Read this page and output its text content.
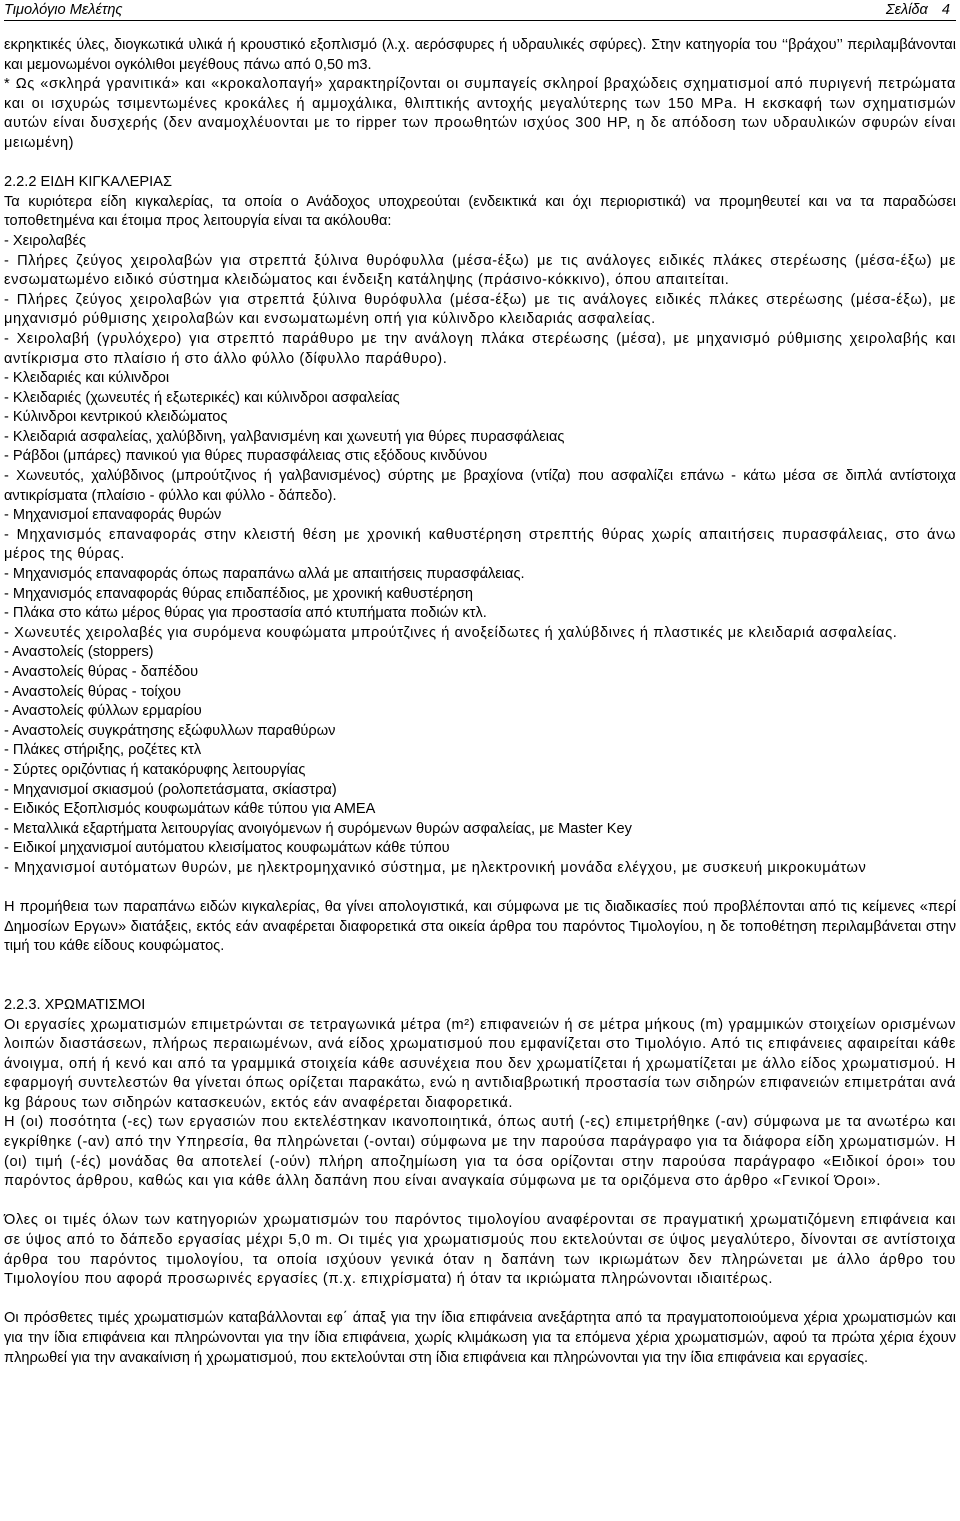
Τιμολόγιο Μελέτης	Σελίδα 4

εκρηκτικές ύλες, διογκωτικά υλικά ή κρουστικό εξοπλισμό (λ.χ. αερόσφυρες ή υδραυλικές σφύρες). Στην κατηγορία του ‘‘βράχου’’ περιλαμβάνονται και μεμονωμένοι ογκόλιθοι μεγέθους πάνω από 0,50 m3.

* Ως «σκληρά γρανιτικά» και «κροκαλοπαγή» χαρακτηρίζονται οι συμπαγείς σκληροί βραχώδεις σχηματισμοί από πυριγενή πετρώματα και οι ισχυρώς τσιμεντωμένες κροκάλες ή αμμοχάλικα, θλιπτικής αντοχής μεγαλύτερης των 150 MPa. Η εκσκαφή των σχηματισμών αυτών είναι δυσχερής (δεν αναμοχλέυονται με το ripper των προωθητών ισχύος 300 HP, η δε απόδοση των υδραυλικών σφυρών είναι μειωμένη)

2.2.2 ΕΙΔΗ ΚΙΓΚΑΛΕΡΙΑΣ

Τα κυριότερα είδη κιγκαλερίας, τα οποία ο Ανάδοχος υποχρεούται (ενδεικτικά και όχι περιοριστικά) να προμηθευτεί και να τα παραδώσει τοποθετημένα και έτοιμα προς λειτουργία είναι τα ακόλουθα:

- Χειρολαβές

- Πλήρες ζεύγος χειρολαβών για στρεπτά ξύλινα θυρόφυλλα (μέσα-έξω) με τις ανάλογες ειδικές πλάκες στερέωσης (μέσα-έξω) με ενσωματωμένο ειδικό σύστημα κλειδώματος και ένδειξη κατάληψης (πράσινο-κόκκινο), όπου απαιτείται.

- Πλήρες ζεύγος χειρολαβών για στρεπτά ξύλινα θυρόφυλλα (μέσα-έξω) με τις ανάλογες ειδικές πλάκες στερέωσης (μέσα-έξω), με μηχανισμό ρύθμισης χειρολαβών και ενσωματωμένη οπή για κύλινδρο κλειδαριάς ασφαλείας.

- Χειρολαβή (γρυλόχερο) για στρεπτό παράθυρο με την ανάλογη πλάκα στερέωσης (μέσα), με μηχανισμό ρύθμισης χειρολαβής και αντίκρισμα στο πλαίσιο ή στο άλλο φύλλο (δίφυλλο παράθυρο).

- Κλειδαριές και κύλινδροι

- Κλειδαριές (χωνευτές ή εξωτερικές) και κύλινδροι ασφαλείας

- Κύλινδροι κεντρικού κλειδώματος

- Κλειδαριά ασφαλείας, χαλύβδινη, γαλβανισμένη και χωνευτή για θύρες πυρασφάλειας

- Ράβδοι (μπάρες) πανικού για θύρες πυρασφάλειας στις εξόδους κινδύνου

- Χωνευτός, χαλύβδινος (μπρούτζινος ή γαλβανισμένος) σύρτης με βραχίονα (ντίζα) που ασφαλίζει επάνω - κάτω μέσα σε διπλά αντίστοιχα αντικρίσματα (πλαίσιο - φύλλο και φύλλο - δάπεδο).

- Μηχανισμοί επαναφοράς θυρών

- Μηχανισμός επαναφοράς στην κλειστή θέση με χρονική καθυστέρηση στρεπτής θύρας χωρίς απαιτήσεις πυρασφάλειας, στο άνω μέρος της θύρας.

- Μηχανισμός επαναφοράς όπως παραπάνω αλλά με απαιτήσεις πυρασφάλειας.

- Μηχανισμός επαναφοράς θύρας επιδαπέδιος, με χρονική καθυστέρηση

- Πλάκα στο κάτω μέρος θύρας για προστασία από κτυπήματα ποδιών κτλ.

- Χωνευτές χειρολαβές για συρόμενα κουφώματα μπρούτζινες ή ανοξείδωτες ή χαλύβδινες ή πλαστικές με κλειδαριά ασφαλείας.

- Αναστολείς (stoppers)

- Αναστολείς θύρας - δαπέδου

- Αναστολείς θύρας - τοίχου

- Αναστολείς φύλλων ερμαρίου

- Αναστολείς συγκράτησης εξώφυλλων παραθύρων

- Πλάκες στήριξης, ροζέτες κτλ

- Σύρτες οριζόντιας ή κατακόρυφης λειτουργίας

- Μηχανισμοί σκιασμού (ρολοπετάσματα, σκίαστρα)

- Ειδικός Εξοπλισμός κουφωμάτων κάθε τύπου για ΑΜΕΑ

- Μεταλλικά εξαρτήματα λειτουργίας ανοιγόμενων ή συρόμενων θυρών ασφαλείας, με Master Key

- Ειδικοί μηχανισμοί αυτόματου κλεισίματος κουφωμάτων κάθε τύπου

- Μηχανισμοί αυτόματων θυρών, με ηλεκτρομηχανικό σύστημα, με ηλεκτρονική μονάδα ελέγχου, με συσκευή μικροκυμάτων

Η προμήθεια των παραπάνω ειδών κιγκαλερίας, θα γίνει απολογιστικά, και σύμφωνα με τις διαδικασίες πού προβλέπονται από τις κείμενες «περί Δημοσίων Εργων» διατάξεις, εκτός εάν αναφέρεται διαφορετικά στα οικεία άρθρα του παρόντος Τιμολογίου, η δε τοποθέτηση περιλαμβάνεται στην τιμή του κάθε είδους κουφώματος.

2.2.3. ΧΡΩΜΑΤΙΣΜΟΙ

Οι εργασίες χρωματισμών επιμετρώνται σε τετραγωνικά μέτρα (m²) επιφανειών ή σε μέτρα μήκους (m) γραμμικών στοιχείων ορισμένων λοιπών διαστάσεων, πλήρως περαιωμένων, ανά είδος χρωματισμού που εμφανίζεται στο Τιμολόγιο. Από τις επιφάνειες αφαιρείται κάθε άνοιγμα, οπή ή κενό και από τα γραμμικά στοιχεία κάθε ασυνέχεια που δεν χρωματίζεται ή χρωματίζεται με άλλο είδος χρωματισμού. Η εφαρμογή συντελεστών θα γίνεται όπως ορίζεται παρακάτω, ενώ η αντιδιαβρωτική προστασία των σιδηρών επιφανειών επιμετράται ανά kg βάρους των σιδηρών κατασκευών, εκτός εάν αναφέρεται διαφορετικά.

Η (οι) ποσότητα (-ες) των εργασιών που εκτελέστηκαν ικανοποιητικά, όπως αυτή (-ες) επιμετρήθηκε (-αν) σύμφωνα με τα ανωτέρω και εγκρίθηκε (-αν) από την Υπηρεσία, θα πληρώνεται (-ονται) σύμφωνα με την παρούσα παράγραφο για τα διάφορα είδη χρωματισμών. Η (οι) τιμή (-ές) μονάδας θα αποτελεί (-ούν) πλήρη αποζημίωση για τα όσα ορίζονται στην παρούσα παράγραφο «Ειδικοί όροι» του παρόντος άρθρου, καθώς και για κάθε άλλη δαπάνη που είναι αναγκαία σύμφωνα με τα οριζόμενα στο άρθρο «Γενικοί Όροι».

Όλες οι τιμές όλων των κατηγοριών χρωματισμών του παρόντος τιμολογίου αναφέρονται σε πραγματική χρωματιζόμενη επιφάνεια και σε ύψος από το δάπεδο εργασίας μέχρι 5,0 m. Οι τιμές για χρωματισμούς που εκτελούνται σε ύψος μεγαλύτερο, δίνονται σε αντίστοιχα άρθρα του παρόντος τιμολογίου, τα οποία ισχύουν γενικά όταν η δαπάνη των ικριωμάτων δεν πληρώνεται με άλλο άρθρο του Τιμολογίου που αφορά προσωρινές εργασίες (π.χ. επιχρίσματα) ή όταν τα ικριώματα πληρώνονται ιδιαιτέρως.

Οι πρόσθετες τιμές χρωματισμών καταβάλλονται εφ΄ άπαξ για την ίδια επιφάνεια ανεξάρτητα από τα πραγματοποιούμενα χέρια χρωματισμών και για την ίδια επιφάνεια και πληρώνονται για την ίδια επιφάνεια, χωρίς κλιμάκωση για τα επόμενα χέρια χρωματισμών, αφού τα πρώτα χέρια έχουν πληρωθεί για την ανακαίνιση ή χρωματισμού, που εκτελούνται στη ίδια επιφάνεια και πληρώνονται για την ίδια επιφάνεια και εργασίες.
